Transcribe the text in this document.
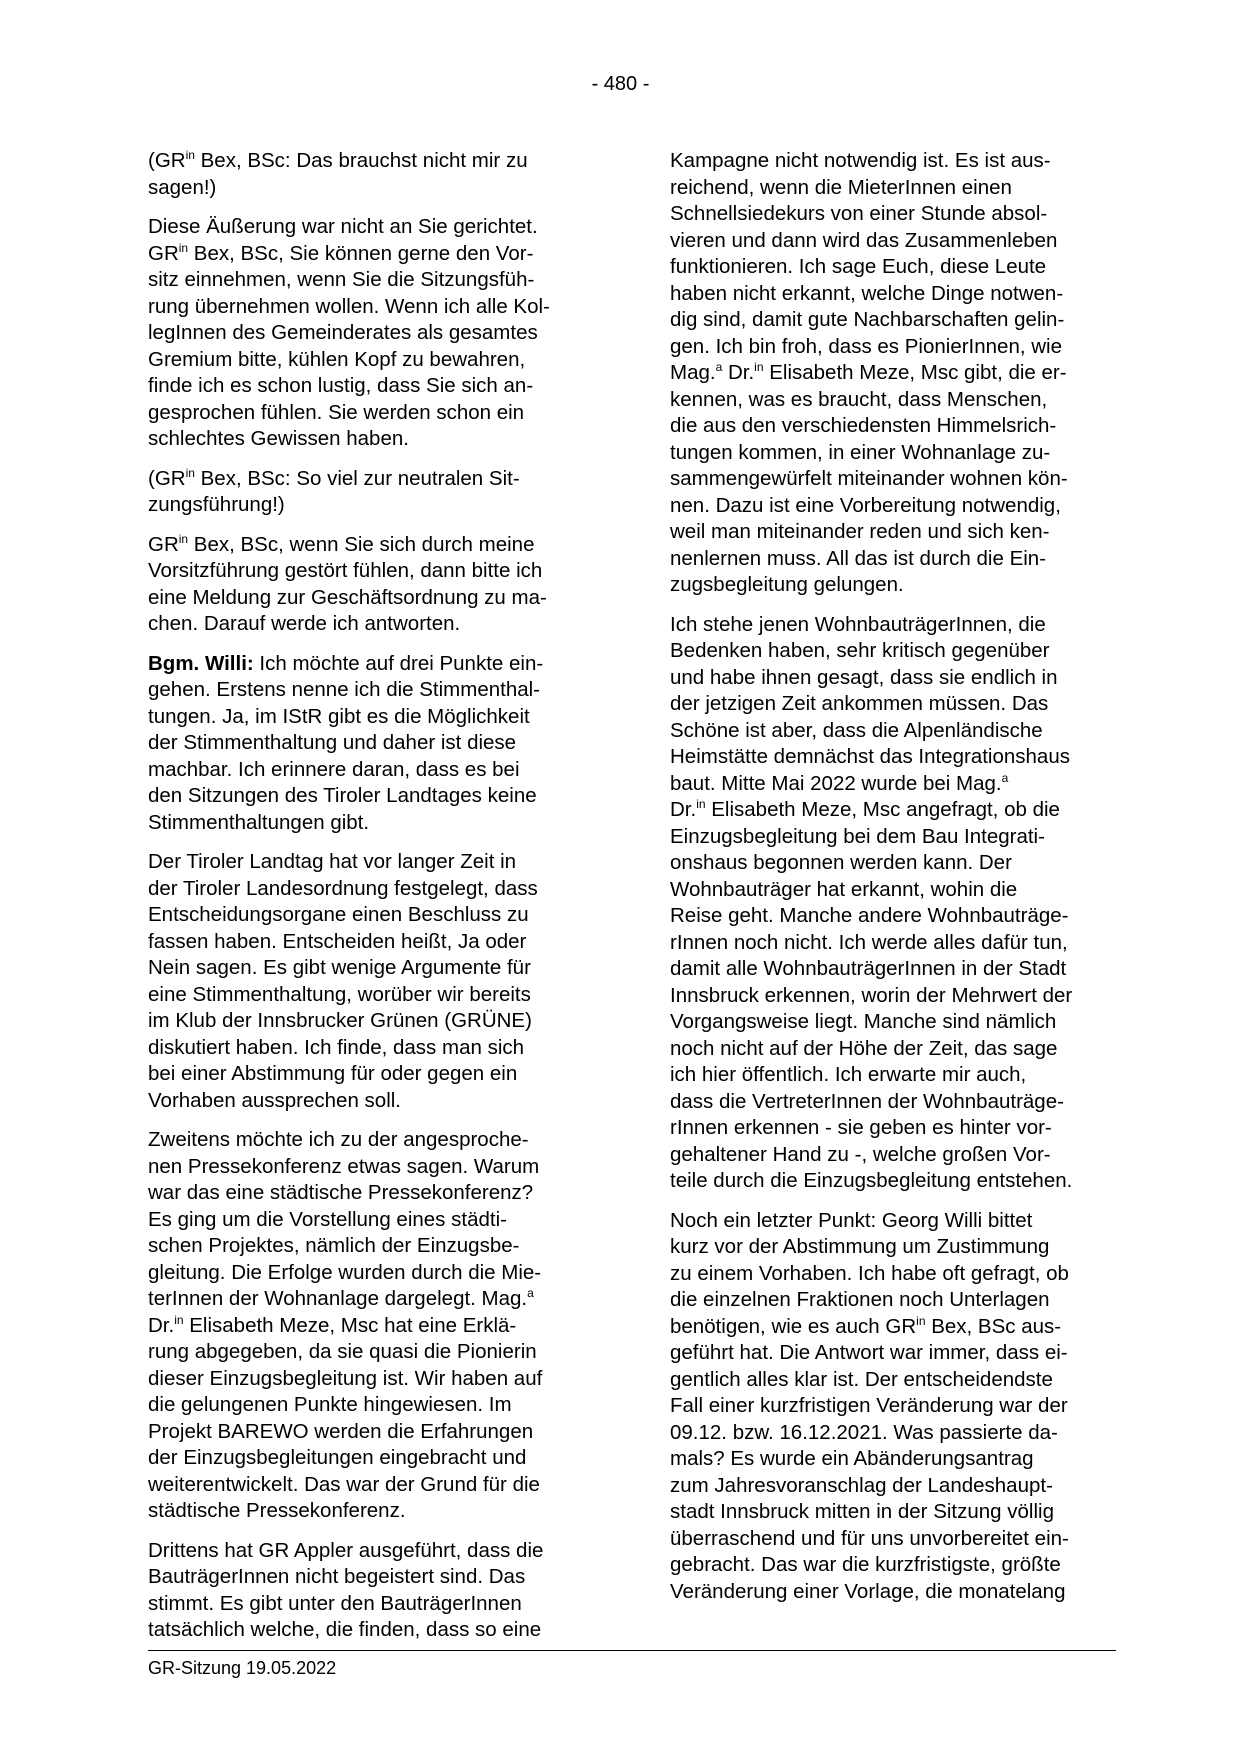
- 480 -

($GR^{in}$ Bex, BSc: Das brauchst nicht mir zu
sagen!)

Diese Äußerung war nicht an Sie gerichtet.
$GR^{in}$ Bex, BSc, Sie können gerne den Vor-
sitz einnehmen, wenn Sie die Sitzungsfüh-
rung übernehmen wollen. Wenn ich alle Kol-
legInnen des Gemeinderates als gesamtes
Gremium bitte, kühlen Kopf zu bewahren,
finde ich es schon lustig, dass Sie sich an-
gesprochen fühlen. Sie werden schon ein
schlechtes Gewissen haben.

($GR^{in}$ Bex, BSc: So viel zur neutralen Sit-
zungsführung!)

$GR^{in}$ Bex, BSc, wenn Sie sich durch meine
Vorsitzführung gestört fühlen, dann bitte ich
eine Meldung zur Geschäftsordnung zu ma-
chen. Darauf werde ich antworten.

Bgm. Willi: Ich möchte auf drei Punkte ein-
gehen. Erstens nenne ich die Stimmenthal-
tungen. Ja, im IStR gibt es die Möglichkeit
der Stimmenthaltung und daher ist diese
machbar. Ich erinnere daran, dass es bei
den Sitzungen des Tiroler Landtages keine
Stimmenthaltungen gibt.

Der Tiroler Landtag hat vor langer Zeit in
der Tiroler Landesordnung festgelegt, dass
Entscheidungsorgane einen Beschluss zu
fassen haben. Entscheiden heißt, Ja oder
Nein sagen. Es gibt wenige Argumente für
eine Stimmenthaltung, worüber wir bereits
im Klub der Innsbrucker Grünen (GRÜNE)
diskutiert haben. Ich finde, dass man sich
bei einer Abstimmung für oder gegen ein
Vorhaben aussprechen soll.

Zweitens möchte ich zu der angesproche-
nen Pressekonferenz etwas sagen. Warum
war das eine städtische Pressekonferenz?
Es ging um die Vorstellung eines städti-
schen Projektes, nämlich der Einzugsbe-
gleitung. Die Erfolge wurden durch die Mie-
terInnen der Wohnanlage dargelegt. Mag.$^a$
Dr.$^{in}$ Elisabeth Meze, Msc hat eine Erklä-
rung abgegeben, da sie quasi die Pionierin
dieser Einzugsbegleitung ist. Wir haben auf
die gelungenen Punkte hingewiesen. Im
Projekt BAREWO werden die Erfahrungen
der Einzugsbegleitungen eingebracht und
weiterentwickelt. Das war der Grund für die
städtische Pressekonferenz.

Drittens hat GR Appler ausgeführt, dass die
BauträgerInnen nicht begeistert sind. Das
stimmt. Es gibt unter den BauträgerInnen
tatsächlich welche, die finden, dass so eine

Kampagne nicht notwendig ist. Es ist aus-
reichend, wenn die MieterInnen einen
Schnellsiedekurs von einer Stunde absol-
vieren und dann wird das Zusammenleben
funktionieren. Ich sage Euch, diese Leute
haben nicht erkannt, welche Dinge notwen-
dig sind, damit gute Nachbarschaften gelin-
gen. Ich bin froh, dass es PionierInnen, wie
Mag.$^a$ Dr.$^{in}$ Elisabeth Meze, Msc gibt, die er-
kennen, was es braucht, dass Menschen,
die aus den verschiedensten Himmelsrich-
tungen kommen, in einer Wohnanlage zu-
sammengewürfelt miteinander wohnen kön-
nen. Dazu ist eine Vorbereitung notwendig,
weil man miteinander reden und sich ken-
nenlernen muss. All das ist durch die Ein-
zugsbegleitung gelungen.

Ich stehe jenen WohnbauträgerInnen, die
Bedenken haben, sehr kritisch gegenüber
und habe ihnen gesagt, dass sie endlich in
der jetzigen Zeit ankommen müssen. Das
Schöne ist aber, dass die Alpenländische
Heimstätte demnächst das Integrationshaus
baut. Mitte Mai 2022 wurde bei Mag.$^a$
Dr.$^{in}$ Elisabeth Meze, Msc angefragt, ob die
Einzugsbegleitung bei dem Bau Integrati-
onshaus begonnen werden kann. Der
Wohnbauträger hat erkannt, wohin die
Reise geht. Manche andere Wohnbauträge-
rInnen noch nicht. Ich werde alles dafür tun,
damit alle WohnbauträgerInnen in der Stadt
Innsbruck erkennen, worin der Mehrwert der
Vorgangsweise liegt. Manche sind nämlich
noch nicht auf der Höhe der Zeit, das sage
ich hier öffentlich. Ich erwarte mir auch,
dass die VertreterInnen der Wohnbauträge-
rInnen erkennen - sie geben es hinter vor-
gehaltener Hand zu -, welche großen Vor-
teile durch die Einzugsbegleitung entstehen.

Noch ein letzter Punkt: Georg Willi bittet
kurz vor der Abstimmung um Zustimmung
zu einem Vorhaben. Ich habe oft gefragt, ob
die einzelnen Fraktionen noch Unterlagen
benötigen, wie es auch $GR^{in}$ Bex, BSc aus-
geführt hat. Die Antwort war immer, dass ei-
gentlich alles klar ist. Der entscheidendste
Fall einer kurzfristigen Veränderung war der
09.12. bzw. 16.12.2021. Was passierte da-
mals? Es wurde ein Abänderungsantrag
zum Jahresvoranschlag der Landeshaupt-
stadt Innsbruck mitten in der Sitzung völlig
überraschend und für uns unvorbereitet ein-
gebracht. Das war die kurzfristigste, größte
Veränderung einer Vorlage, die monatelang

GR-Sitzung 19.05.2022
